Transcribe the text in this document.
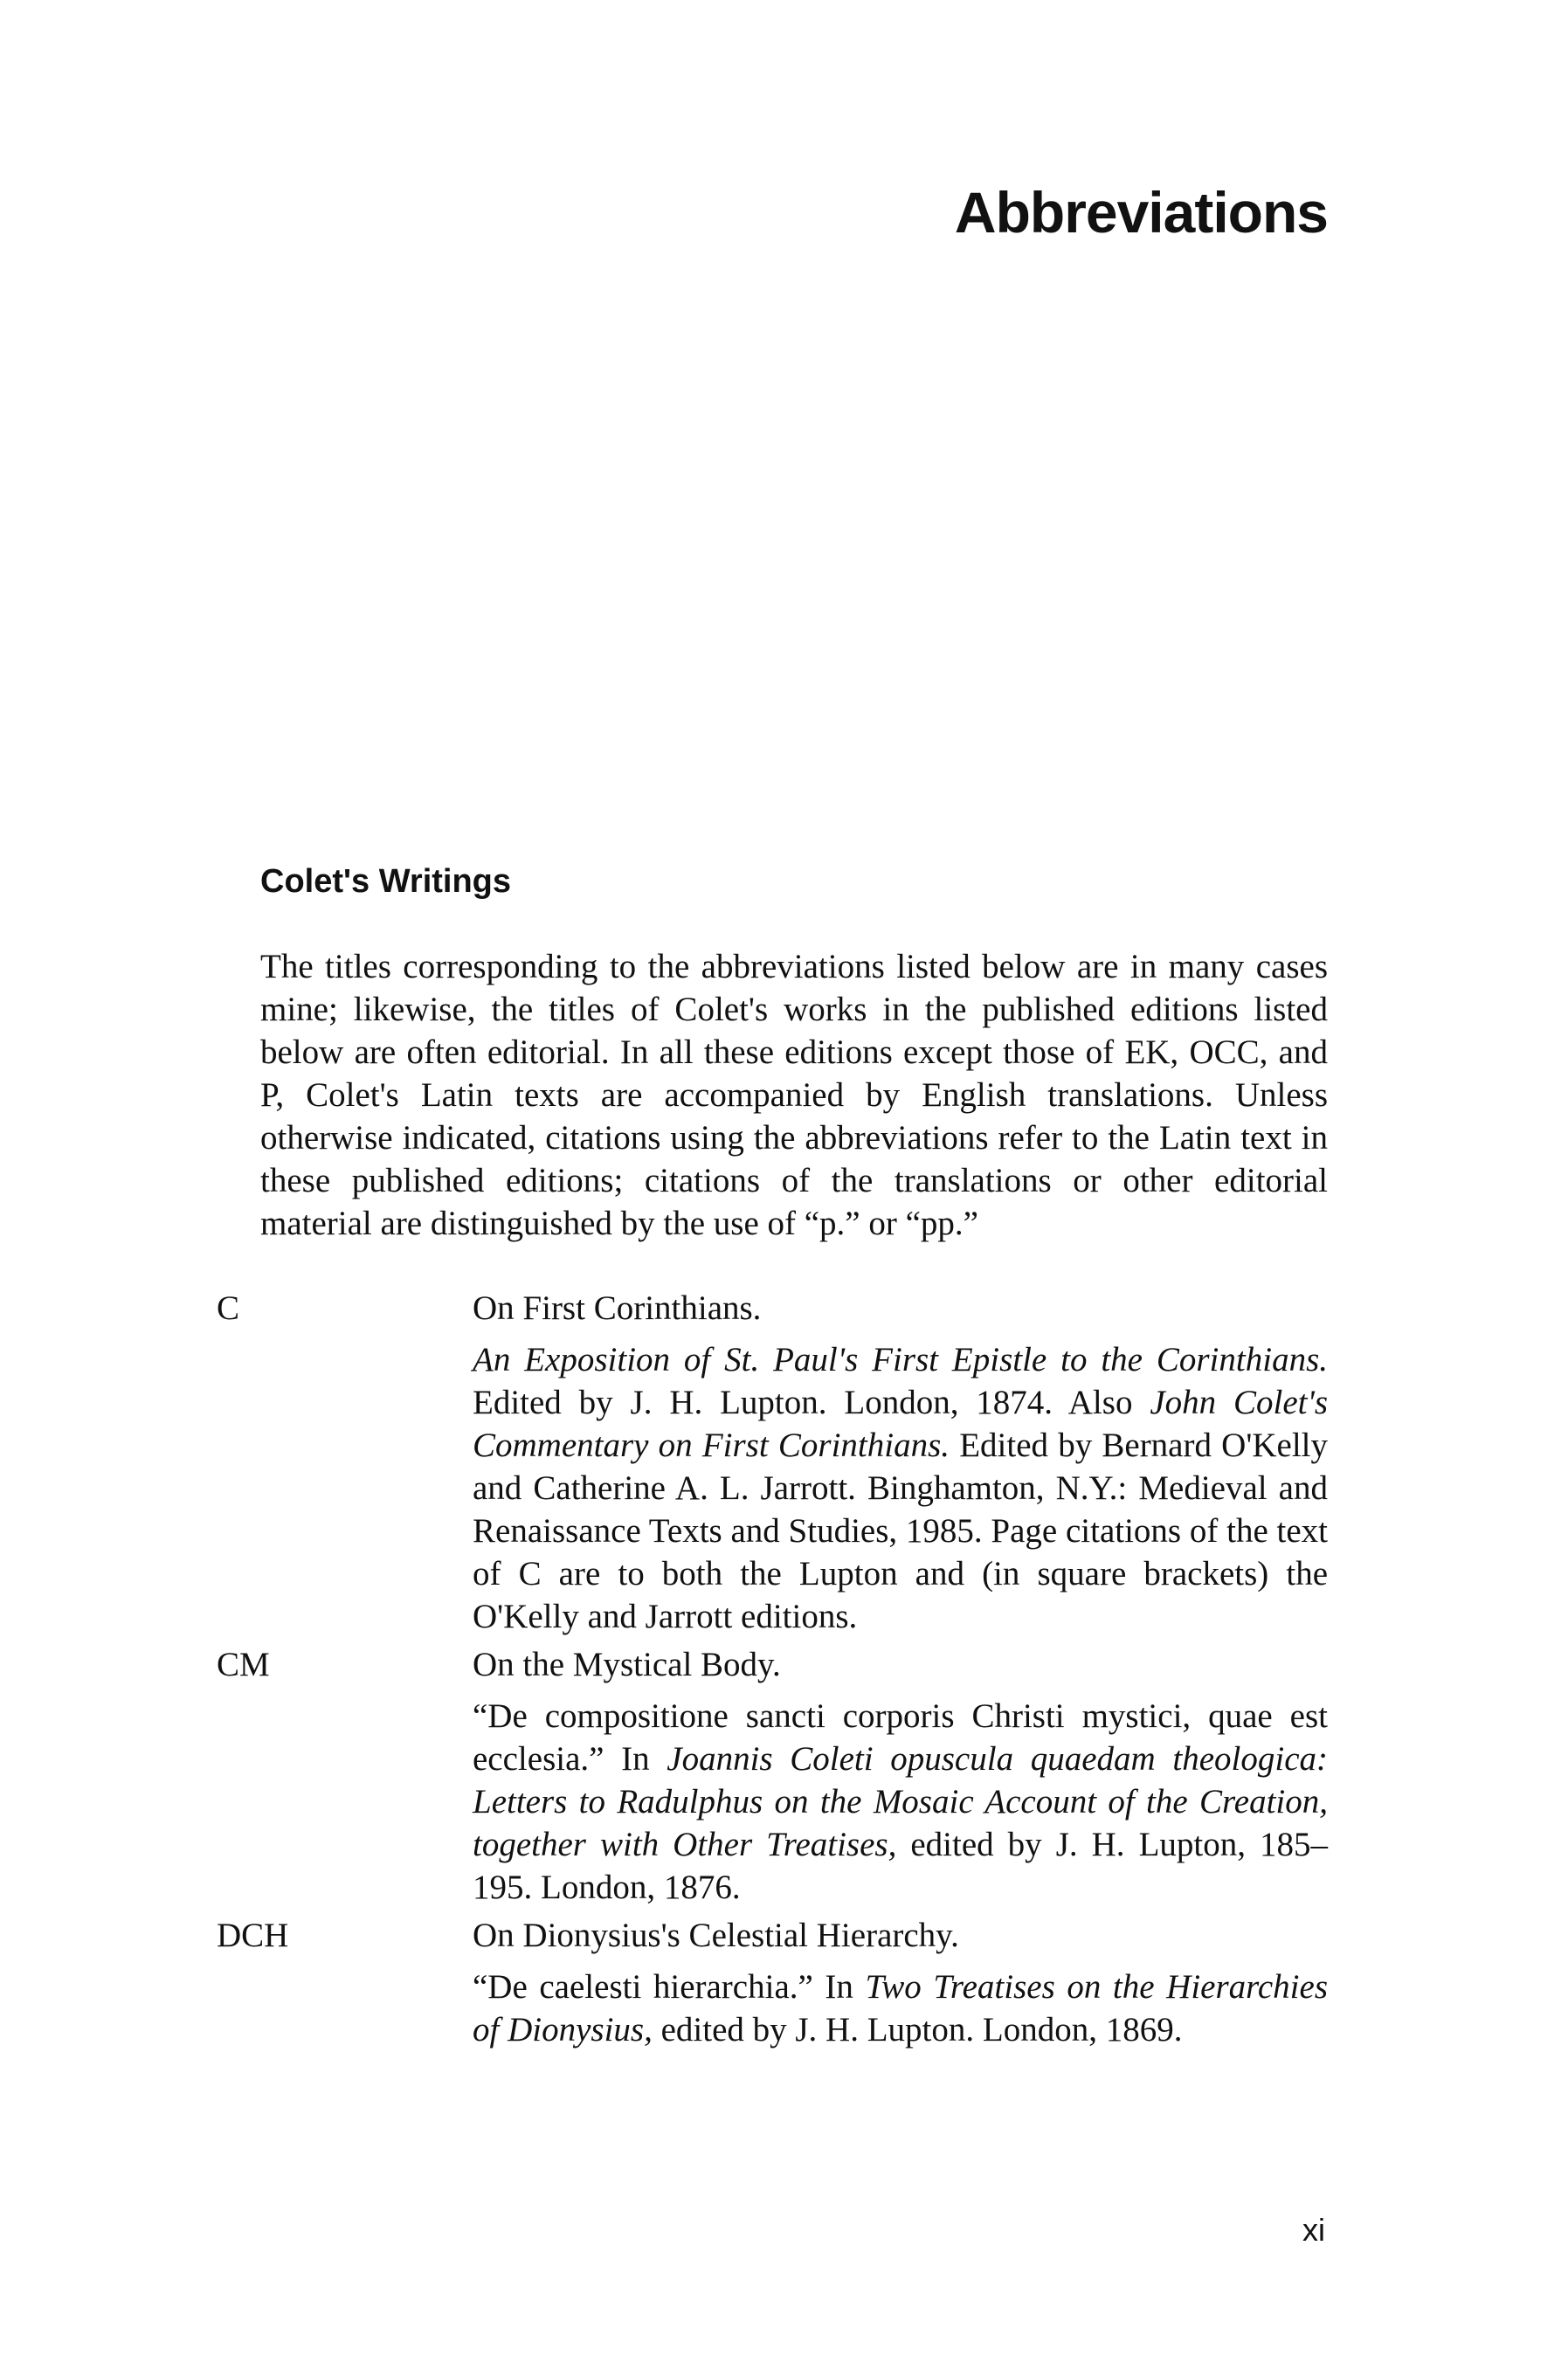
Abbreviations
Colet's Writings

The titles corresponding to the abbreviations listed below are in many cases mine; likewise, the titles of Colet's works in the published editions listed below are often editorial. In all these editions except those of EK, OCC, and P, Colet's Latin texts are accompanied by English translations. Unless otherwise indicated, citations using the abbreviations refer to the Latin text in these published editions; citations of the translations or other editorial material are distinguished by the use of “p.” or “pp.”

C	On First Corinthians.

An Exposition of St. Paul's First Epistle to the Corinthians. Edited by J. H. Lupton. London, 1874. Also John Colet's Commentary on First Corinthians. Edited by Bernard O'Kelly and Catherine A. L. Jarrott. Binghamton, N.Y.: Medieval and Renaissance Texts and Studies, 1985. Page citations of the text of C are to both the Lupton and (in square brackets) the O'Kelly and Jarrott editions.

CM	On the Mystical Body.

“De compositione sancti corporis Christi mystici, quae est ecclesia.” In Joannis Coleti opuscula quaedam theologica: Letters to Radulphus on the Mosaic Account of the Creation, together with Other Treatises, edited by J. H. Lupton, 185–195. London, 1876.

DCH	On Dionysius's Celestial Hierarchy.

“De caelesti hierarchia.” In Two Treatises on the Hierarchies of Dionysius, edited by J. H. Lupton. London, 1869.

xi
